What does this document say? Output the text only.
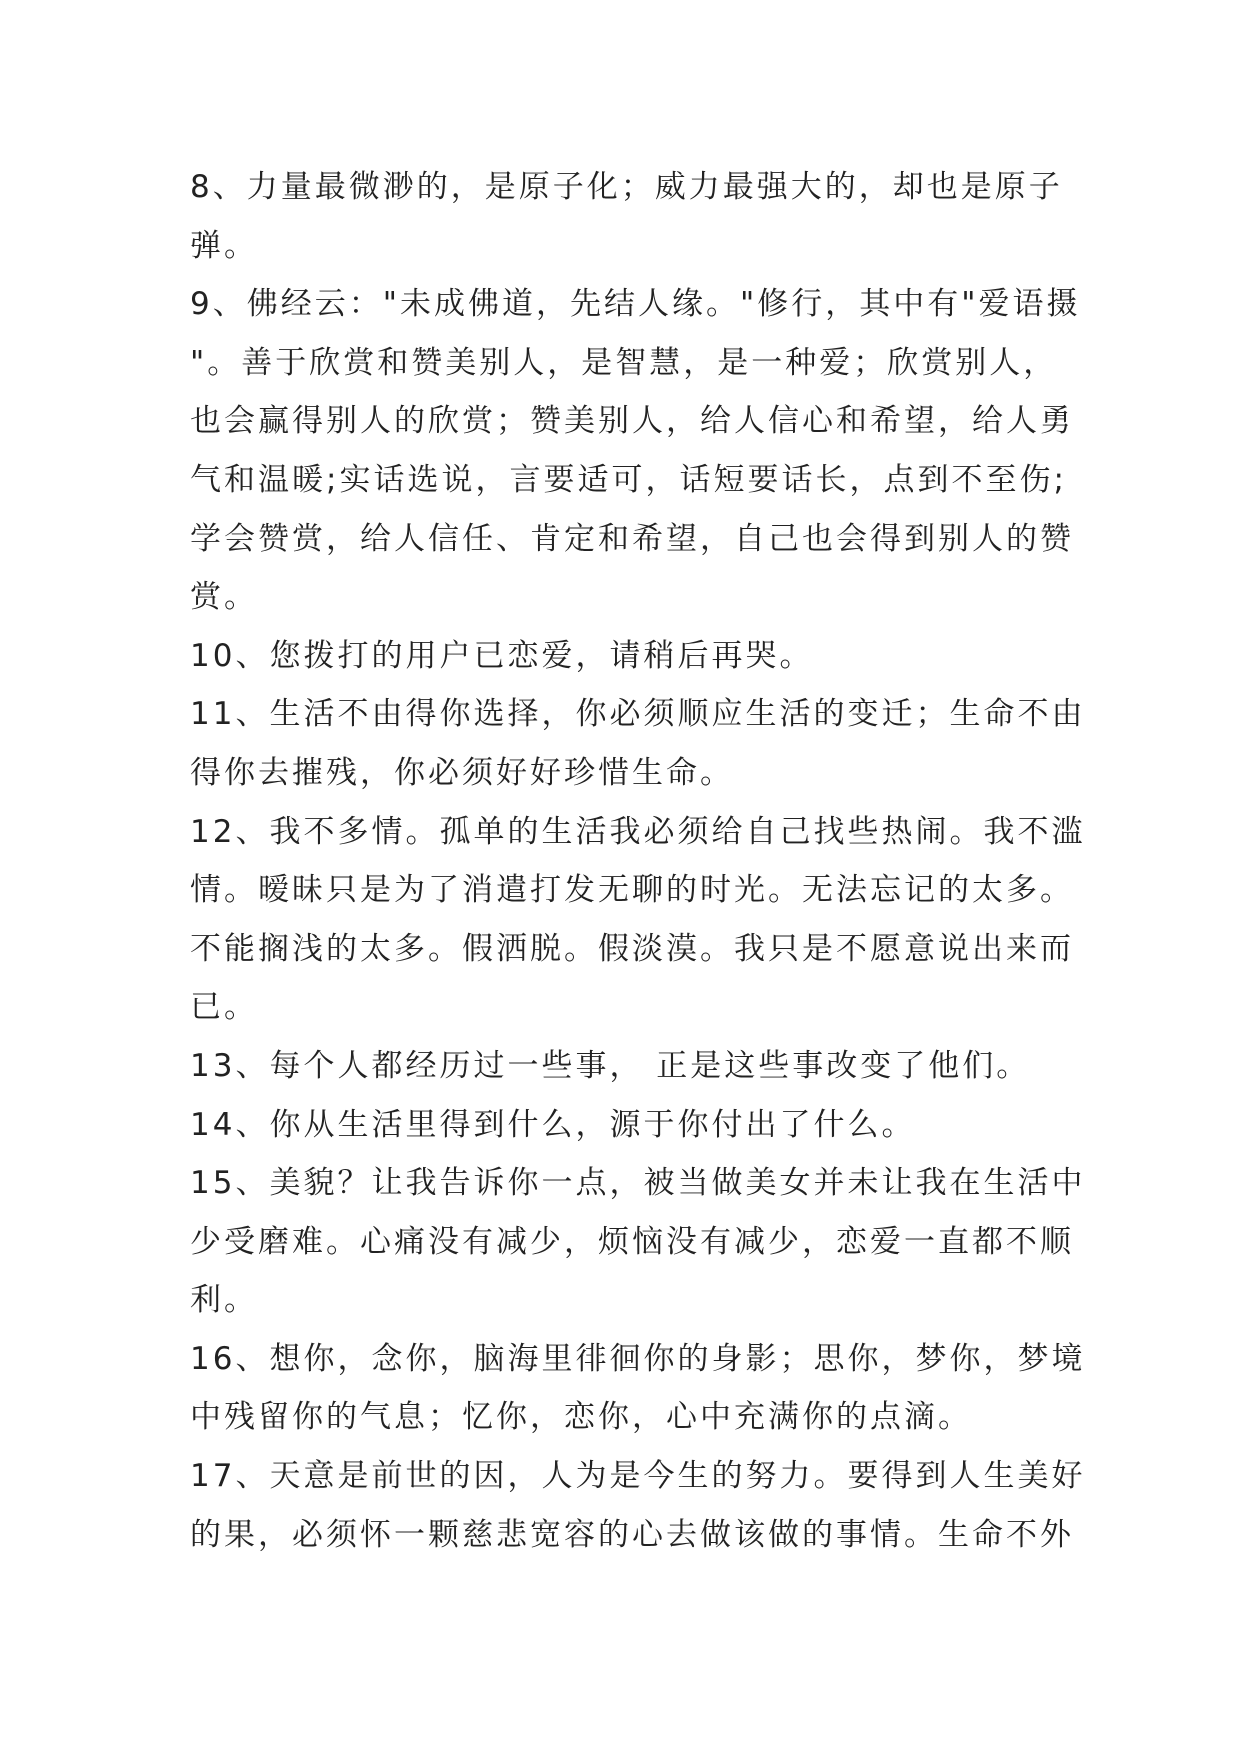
8、力量最微渺的，是原子化；威力最强大的，却也是原子
弹。
9、佛经云："未成佛道，先结人缘。"修行，其中有"爱语摄
"。善于欣赏和赞美别人，是智慧，是一种爱；欣赏别人，
也会赢得别人的欣赏；赞美别人，给人信心和希望，给人勇
气和温暖;实话选说，言要适可，话短要话长，点到不至伤;
学会赞赏，给人信任、肯定和希望，自己也会得到别人的赞
赏。
10、您拨打的用户已恋爱，请稍后再哭。
11、生活不由得你选择，你必须顺应生活的变迁；生命不由
得你去摧残，你必须好好珍惜生命。
12、我不多情。孤单的生活我必须给自己找些热闹。我不滥
情。暧昧只是为了消遣打发无聊的时光。无法忘记的太多。
不能搁浅的太多。假洒脱。假淡漠。我只是不愿意说出来而
已。
13、每个人都经历过一些事， 正是这些事改变了他们。
14、你从生活里得到什么，源于你付出了什么。
15、美貌？让我告诉你一点，被当做美女并未让我在生活中
少受磨难。心痛没有减少，烦恼没有减少，恋爱一直都不顺
利。
16、想你，念你，脑海里徘徊你的身影；思你，梦你，梦境
中残留你的气息；忆你，恋你，心中充满你的点滴。
17、天意是前世的因，人为是今生的努力。要得到人生美好
的果，必须怀一颗慈悲宽容的心去做该做的事情。生命不外
